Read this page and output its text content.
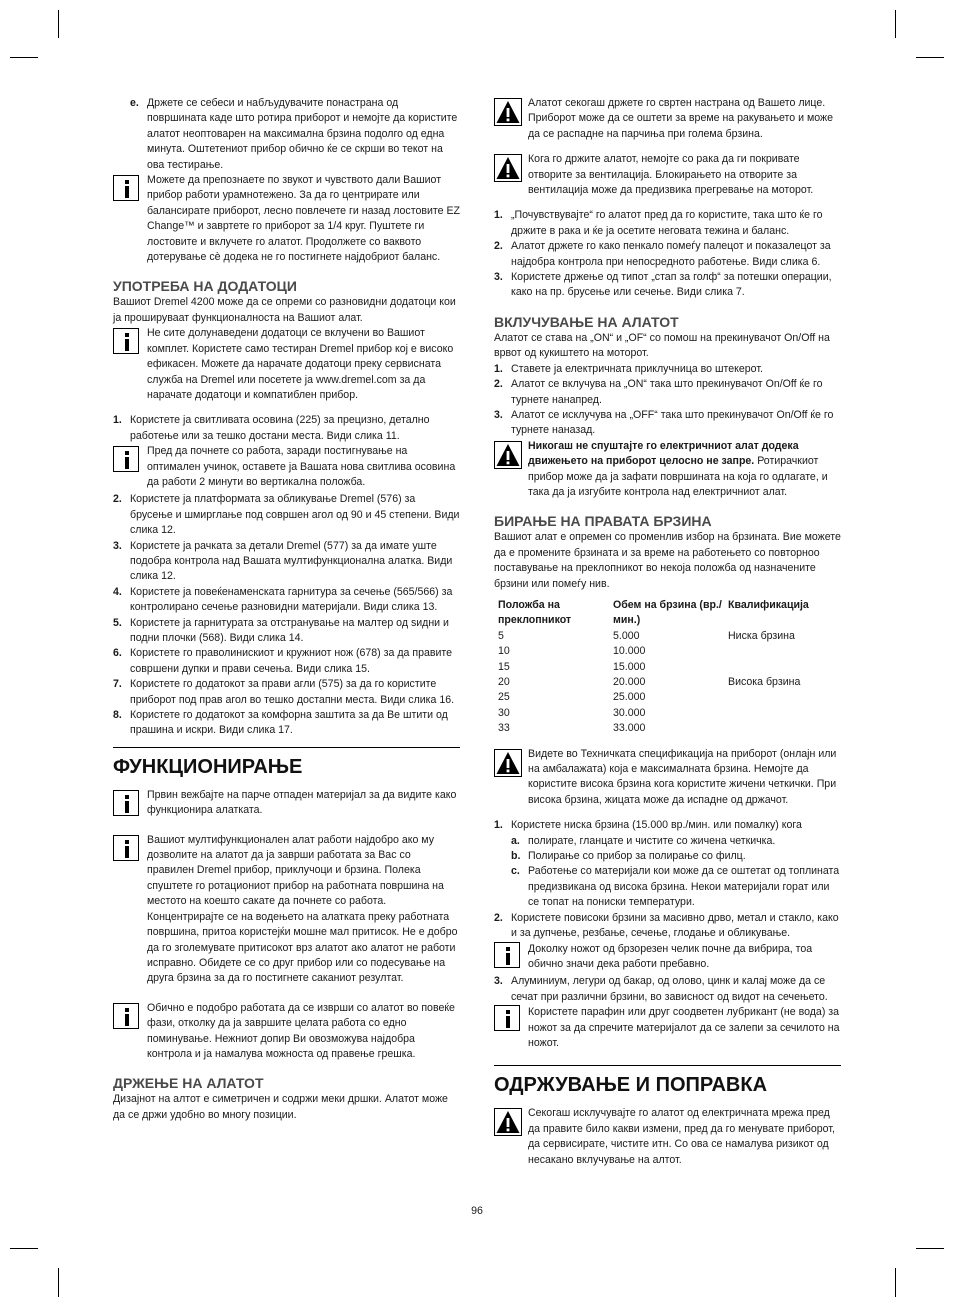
e. Држете се себеси и набљудувачите понастрана од површината каде што ротира приборот и немојте да користите алатот неоптоварен на максимална брзина подолго од една минута. Оштетениот прибор обично ќе се скрши во текот на ова тестирање.

Можете да препознаете по звукот и чувството дали Вашиот прибор работи урамнотежено. За да го центрирате или балансирате приборот, лесно повлечете ги назад лостовите EZ Change™ и завртете го приборот за 1/4 круг. Пуштете ги лостовите и вклучете го алатот. Продолжете со ваквото дотерување сè додека не го постигнете најдобриот баланс.

УПОТРЕБА НА ДОДАТОЦИ

Вашиот Dremel 4200 може да се опреми со разновидни додатоци кои ја прошируваат функционалноста на Вашиот алат.

Не сите долунаведени додатоци се вклучени во Вашиот комплет. Користете само тестиран Dremel прибор кој е високо ефикасен. Можете да нарачате додатоци преку сервисната служба на Dremel или посетете ја www.dremel.com за да нарачате додатоци и компатиблен прибор.

1. Користете ја свитливата осовина (225) за прецизно, детално работење или за тешко достани места. Види слика 11.

Пред да почнете со работа, заради постигнување на оптимален учинок, оставете ја Вашата нова свитлива осовина да работи 2 минути во вертикална положба.

2. Користете ја платформата за обликување Dremel (576) за брусење и шмирглање под совршен агол од 90 и 45 степени. Види слика 12.

3. Користете ја рачката за детали Dremel (577) за да имате уште подобра контрола над Вашата мултифункционална алатка. Види слика 12.

4. Користете ја повеќенаменската гарнитура за сечење (565/566) за контролирано сечење разновидни материјали. Види слика 13.

5. Користете ја гарнитурата за отстранување на малтер од ѕидни и подни плочки (568). Види слика 14.

6. Користете го праволинискиот и кружниот нож (678) за да правите совршени дупки и прави сечења. Види слика 15.

7. Користете го додатокот за прави агли (575) за да го користите приборот под прав агол во тешко достапни места. Види слика 16.

8. Користете го додатокот за комфорна заштита за да Ве штити од прашина и искри. Види слика 17.

ФУНКЦИОНИРАЊЕ

Првин вежбајте на парче отпаден материјал за да видите како функционира алатката.

Вашиот мултифункционален алат работи најдобро ако му дозволите на алатот да ја заврши работата за Вас со правилен Dremel прибор, приклучоци и брзина. Полека спуштете го ротациониот прибор на работната површина на местото на коешто сакате да почнете со работа. Концентрирајте се на водењето на алатката преку работната површина, притоа користејќи мошне мал притисок. Не е добро да го зголемувате притисокот врз алатот ако алатот не работи исправно. Обидете се со друг прибор или со подесување на друга брзина за да го постигнете саканиот резултат.

Обично е подобро работата да се изврши со алатот во повеќе фази, отколку да ја завршите целата работа со едно поминување. Нежниот допир Ви овозможува најдобра контрола и ја намалува можноста од правење грешка.

ДРЖЕЊЕ НА АЛАТОТ

Дизајнот на алтот е симетричен и содржи меки дршки. Алатот може да се држи удобно во многу позиции.

Алатот секогаш држете го свртен настрана од Вашето лице. Приборот може да се оштети за време на ракувањето и може да се распадне на парчиња при голема брзина.

Кога го држите алатот, немојте со рака да ги покривате отворите за вентилација. Блокирањето на отворите за вентилација може да предизвика прегревање на моторот.

1. „Почувствувајте“ го алатот пред да го користите, така што ќе го држите в рака и ќе ја осетите неговата тежина и баланс.

2. Алатот држете го како пенкало помеѓу палецот и показалецот за најдобра контрола при непосредното работење. Види слика 6.

3. Користете држење од типот „стап за голф“ за потешки операции, како на пр. брусење или сечење. Види слика 7.

ВКЛУЧУВАЊЕ НА АЛАТОТ

Алатот се става на „ON“ и „OF“ со помош на прекинувачот On/Off на врвот од кукиштето на моторот.

1. Ставете ја електричната приклучница во штекерот.

2. Алатот се вклучува на „ON“ така што прекинувачот On/Off ќе го турнете нанапред.

3. Алатот се исклучува на „OFF“ така што прекинувачот On/Off ќе го турнете наназад.

Никогаш не спуштајте го електричниот алат додека движењето на приборот целосно не запре. Ротирачкиот прибор може да ја зафати површината на која го одлагате, и така да ја изгубите контрола над електричниот алат.

БИРАЊЕ НА ПРАВАТА БРЗИНА

Вашиот алат е опремен со променлив избор на брзината. Вие можете да е промените брзината и за време на работењето со повторноо поставување на преклопникот во некоја положба од назначените брзини или помеѓу нив.

Положба на преклопникот	Обем на брзина (вр./мин.)	Квалификација
5	5.000	Ниска брзина
10	10.000	
15	15.000	
20	20.000	Висока брзина
25	25.000	
30	30.000	
33	33.000	

Видете во Техничката спецификација на приборот (онлајн или на амбалажата) која е максималната брзина. Немојте да користите висока брзина кога користите жичени четкички. При висока брзина, жицата може да испадне од држачот.

1. Користете ниска брзина (15.000 вр./мин. или помалку) кога

a. полирате, гланцате и чистите со жичена четкичка.

b. Полирање со прибор за полирање со филц.

c. Работење со материјали кои може да се оштетат од топлината предизвикана од висока брзина. Некои материјали горат или се топат на пониски температури.

2. Користете повисоки брзини за масивно дрво, метал и стакло, како и за дупчење, резбање, сечење, глодање и обликување.

Доколку ножот од брзорезен челик почне да вибрира, тоа обично значи дека работи пребавно.

3. Алуминиум, легури од бакар, од олово, цинк и калај може да се сечат при различни брзини, во зависност од видот на сечењето.

Користете парафин или друг соодветен лубрикант (не вода) за ножот за да спречите материјалот да се залепи за сечилото на ножот.

ОДРЖУВАЊЕ И ПОПРАВКА

Секогаш исклучувајте го алатот од електричната мрежа пред да правите било какви измени, пред да го менувате приборот, да сервисирате, чистите итн. Со ова се намалува ризикот од несакано вклучување на алтот.

96
